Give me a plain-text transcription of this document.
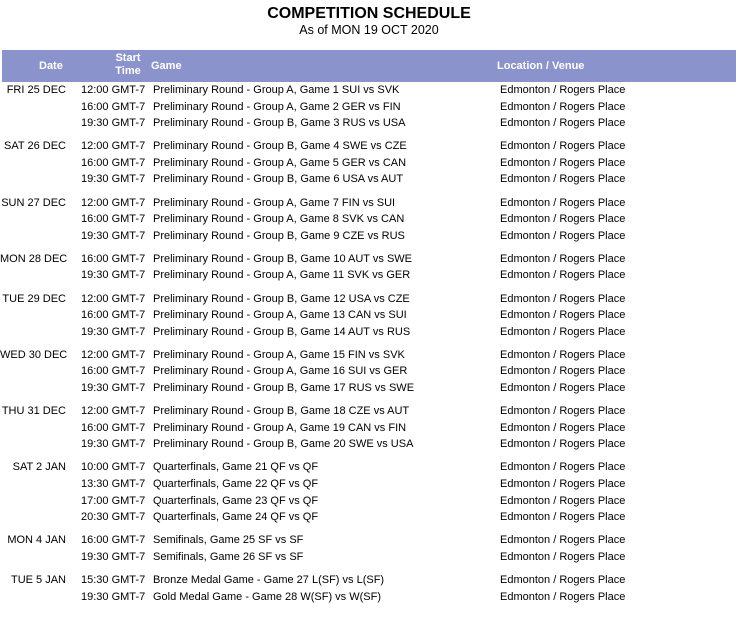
COMPETITION SCHEDULE
As of MON 19 OCT 2020
Date
Start Time Game	Location / Venue
FRI 25 DEC 12:00 GMT-7 Preliminary Round - Group A, Game 1 SUI vs SVK	Edmonton / Rogers Place
16:00 GMT-7 Preliminary Round - Group A, Game 2 GER vs FIN	Edmonton / Rogers Place
19:30 GMT-7 Preliminary Round - Group B, Game 3 RUS vs USA	Edmonton / Rogers Place
SAT 26 DEC 12:00 GMT-7 Preliminary Round - Group B, Game 4 SWE vs CZE	Edmonton / Rogers Place
16:00 GMT-7 Preliminary Round - Group A, Game 5 GER vs CAN	Edmonton / Rogers Place
19:30 GMT-7 Preliminary Round - Group B, Game 6 USA vs AUT	Edmonton / Rogers Place
SUN 27 DEC 12:00 GMT-7 Preliminary Round - Group A, Game 7 FIN vs SUI	Edmonton / Rogers Place
16:00 GMT-7 Preliminary Round - Group A, Game 8 SVK vs CAN	Edmonton / Rogers Place
19:30 GMT-7 Preliminary Round - Group B, Game 9 CZE vs RUS	Edmonton / Rogers Place
MON 28 DEC 16:00 GMT-7 Preliminary Round - Group B, Game 10 AUT vs SWE	Edmonton / Rogers Place
19:30 GMT-7 Preliminary Round - Group A, Game 11 SVK vs GER	Edmonton / Rogers Place
TUE 29 DEC 12:00 GMT-7 Preliminary Round - Group B, Game 12 USA vs CZE	Edmonton / Rogers Place
16:00 GMT-7 Preliminary Round - Group A, Game 13 CAN vs SUI	Edmonton / Rogers Place
19:30 GMT-7 Preliminary Round - Group B, Game 14 AUT vs RUS	Edmonton / Rogers Place
WED 30 DEC 12:00 GMT-7 Preliminary Round - Group A, Game 15 FIN vs SVK	Edmonton / Rogers Place
16:00 GMT-7 Preliminary Round - Group A, Game 16 SUI vs GER	Edmonton / Rogers Place
19:30 GMT-7 Preliminary Round - Group B, Game 17 RUS vs SWE	Edmonton / Rogers Place
THU 31 DEC 12:00 GMT-7 Preliminary Round - Group B, Game 18 CZE vs AUT	Edmonton / Rogers Place
16:00 GMT-7 Preliminary Round - Group A, Game 19 CAN vs FIN	Edmonton / Rogers Place
19:30 GMT-7 Preliminary Round - Group B, Game 20 SWE vs USA	Edmonton / Rogers Place
SAT 2 JAN 10:00 GMT-7 Quarterfinals, Game 21 QF vs QF	Edmonton / Rogers Place
13:30 GMT-7 Quarterfinals, Game 22 QF vs QF	Edmonton / Rogers Place
17:00 GMT-7 Quarterfinals, Game 23 QF vs QF	Edmonton / Rogers Place
20:30 GMT-7 Quarterfinals, Game 24 QF vs QF	Edmonton / Rogers Place
MON 4 JAN 16:00 GMT-7 Semifinals, Game 25 SF vs SF	Edmonton / Rogers Place
19:30 GMT-7 Semifinals, Game 26 SF vs SF	Edmonton / Rogers Place
TUE 5 JAN 15:30 GMT-7 Bronze Medal Game - Game 27 L(SF) vs L(SF)	Edmonton / Rogers Place
19:30 GMT-7 Gold Medal Game - Game 28 W(SF) vs W(SF)	Edmonton / Rogers Place
